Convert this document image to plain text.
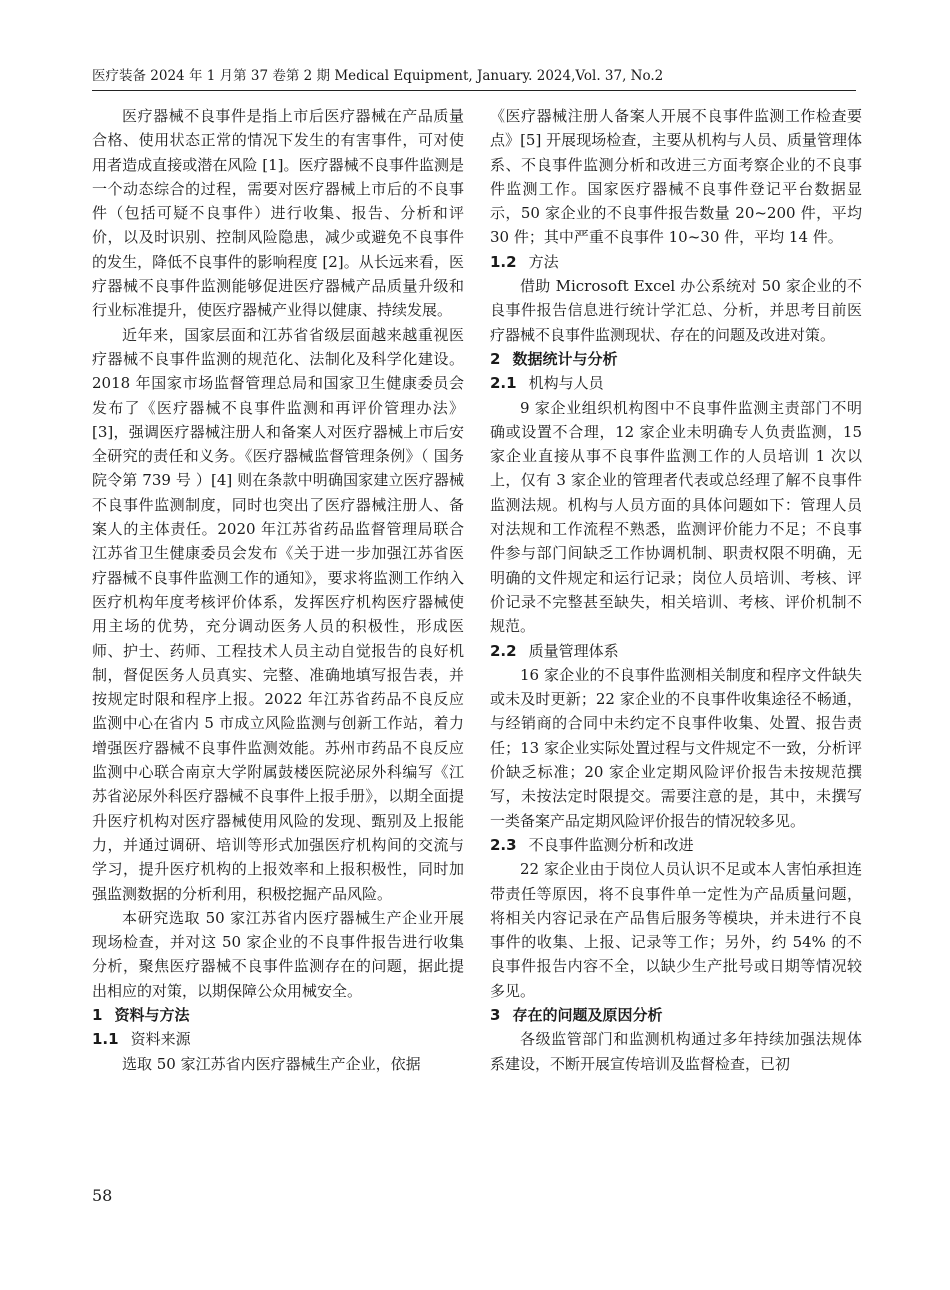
医疗装备 2024 年 1 月第 37 卷第 2 期 Medical Equipment, January. 2024,Vol. 37, No.2

医疗器械不良事件是指上市后医疗器械在产品质量合格、使用状态正常的情况下发生的有害事件，可对使用者造成直接或潜在风险 [1]。医疗器械不良事件监测是一个动态综合的过程，需要对医疗器械上市后的不良事件（包括可疑不良事件）进行收集、报告、分析和评价，以及时识别、控制风险隐患，减少或避免不良事件的发生，降低不良事件的影响程度 [2]。从长远来看，医疗器械不良事件监测能够促进医疗器械产品质量升级和行业标准提升，使医疗器械产业得以健康、持续发展。

近年来，国家层面和江苏省省级层面越来越重视医疗器械不良事件监测的规范化、法制化及科学化建设。2018 年国家市场监督管理总局和国家卫生健康委员会发布了《医疗器械不良事件监测和再评价管理办法》[3]，强调医疗器械注册人和备案人对医疗器械上市后安全研究的责任和义务。《医疗器械监督管理条例》（ 国务院令第 739 号 ）[4] 则在条款中明确国家建立医疗器械不良事件监测制度，同时也突出了医疗器械注册人、备案人的主体责任。2020 年江苏省药品监督管理局联合江苏省卫生健康委员会发布《关于进一步加强江苏省医疗器械不良事件监测工作的通知》，要求将监测工作纳入医疗机构年度考核评价体系，发挥医疗机构医疗器械使用主场的优势，充分调动医务人员的积极性，形成医师、护士、药师、工程技术人员主动自觉报告的良好机制，督促医务人员真实、完整、准确地填写报告表，并按规定时限和程序上报。2022 年江苏省药品不良反应监测中心在省内 5 市成立风险监测与创新工作站，着力增强医疗器械不良事件监测效能。苏州市药品不良反应监测中心联合南京大学附属鼓楼医院泌尿外科编写《江苏省泌尿外科医疗器械不良事件上报手册》，以期全面提升医疗机构对医疗器械使用风险的发现、甄别及上报能力，并通过调研、培训等形式加强医疗机构间的交流与学习，提升医疗机构的上报效率和上报积极性，同时加强监测数据的分析利用，积极挖掘产品风险。

本研究选取 50 家江苏省内医疗器械生产企业开展现场检查，并对这 50 家企业的不良事件报告进行收集分析，聚焦医疗器械不良事件监测存在的问题，据此提出相应的对策，以期保障公众用械安全。

1 资料与方法
1.1 资料来源

选取 50 家江苏省内医疗器械生产企业，依据

《医疗器械注册人备案人开展不良事件监测工作检查要点》[5] 开展现场检查，主要从机构与人员、质量管理体系、不良事件监测分析和改进三方面考察企业的不良事件监测工作。国家医疗器械不良事件登记平台数据显示，50 家企业的不良事件报告数量 20~200 件，平均 30 件；其中严重不良事件 10~30 件，平均 14 件。

1.2 方法

借助 Microsoft Excel 办公系统对 50 家企业的不良事件报告信息进行统计学汇总、分析，并思考目前医疗器械不良事件监测现状、存在的问题及改进对策。

2 数据统计与分析
2.1 机构与人员

9 家企业组织机构图中不良事件监测主责部门不明确或设置不合理，12 家企业未明确专人负责监测，15 家企业直接从事不良事件监测工作的人员培训 1 次以上，仅有 3 家企业的管理者代表或总经理了解不良事件监测法规。机构与人员方面的具体问题如下：管理人员对法规和工作流程不熟悉，监测评价能力不足；不良事件参与部门间缺乏工作协调机制、职责权限不明确，无明确的文件规定和运行记录；岗位人员培训、考核、评价记录不完整甚至缺失，相关培训、考核、评价机制不规范。

2.2 质量管理体系

16 家企业的不良事件监测相关制度和程序文件缺失或未及时更新；22 家企业的不良事件收集途径不畅通，与经销商的合同中未约定不良事件收集、处置、报告责任；13 家企业实际处置过程与文件规定不一致，分析评价缺乏标准；20 家企业定期风险评价报告未按规范撰写，未按法定时限提交。需要注意的是，其中，未撰写一类备案产品定期风险评价报告的情况较多见。

2.3 不良事件监测分析和改进

22 家企业由于岗位人员认识不足或本人害怕承担连带责任等原因，将不良事件单一定性为产品质量问题，将相关内容记录在产品售后服务等模块，并未进行不良事件的收集、上报、记录等工作；另外，约 54% 的不良事件报告内容不全，以缺少生产批号或日期等情况较多见。

3 存在的问题及原因分析

各级监管部门和监测机构通过多年持续加强法规体系建设，不断开展宣传培训及监督检查，已初

58
